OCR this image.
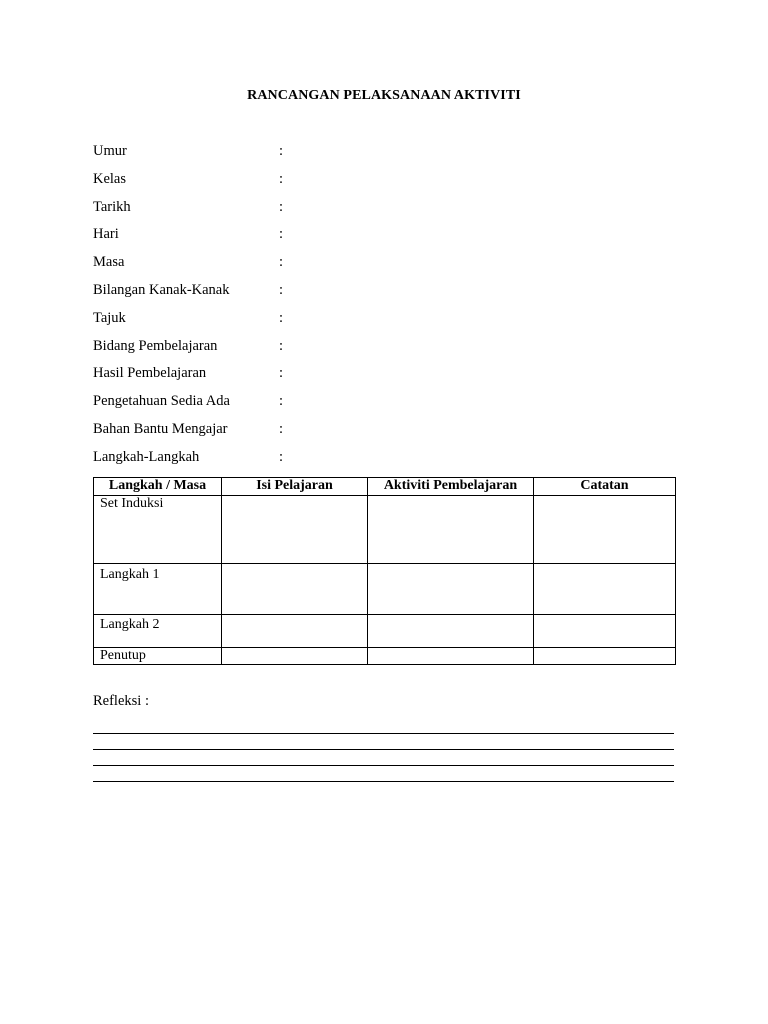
RANCANGAN PELAKSANAAN AKTIVITI
Umur	:
Kelas	:
Tarikh	:
Hari	:
Masa	:
Bilangan Kanak-Kanak	:
Tajuk	:
Bidang Pembelajaran	:
Hasil Pembelajaran	:
Pengetahuan Sedia Ada	:
Bahan Bantu Mengajar	:
Langkah-Langkah	:
Langkah / Masa	Isi Pelajaran	Aktiviti Pembelajaran	Catatan
Set Induksi			
Langkah 1			
Langkah 2			
Penutup			
Refleksi :
